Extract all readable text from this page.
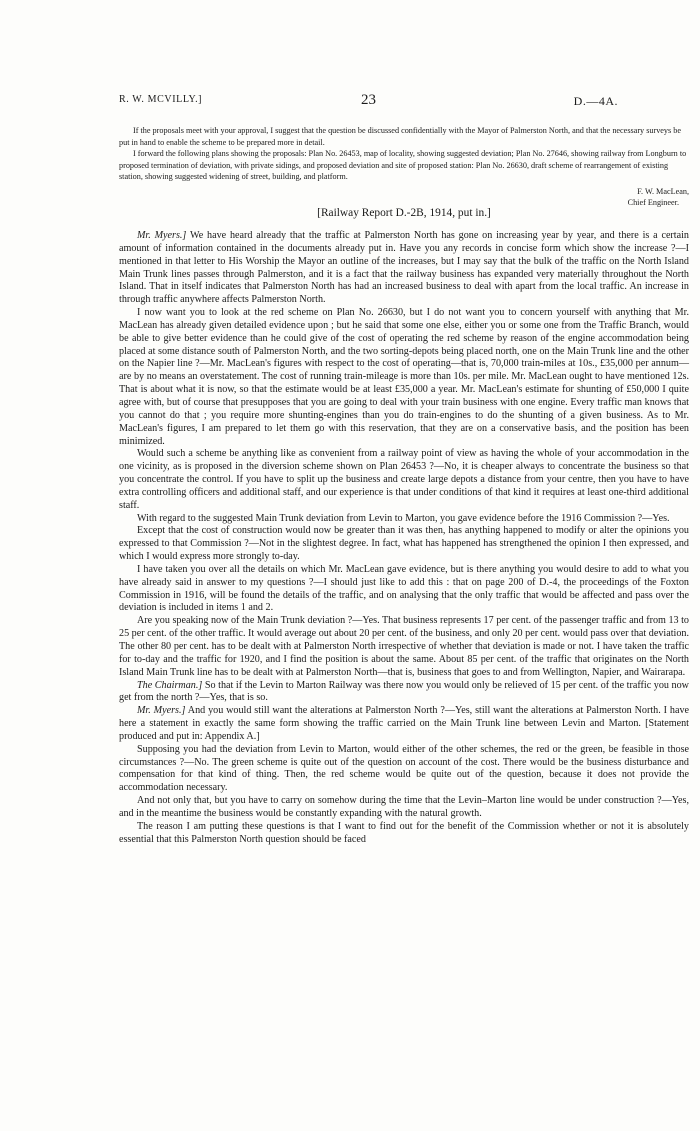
R. W. MCVILLY.]	23	D.—4A.

If the proposals meet with your approval, I suggest that the question be discussed confidentially with the Mayor of Palmerston North, and that the necessary surveys be put in hand to enable the scheme to be prepared more in detail.

I forward the following plans showing the proposals: Plan No. 26453, map of locality, showing suggested deviation; Plan No. 27646, showing railway from Longburn to proposed termination of deviation, with private sidings, and proposed deviation and site of proposed station: Plan No. 26630, draft scheme of rearrangement of existing station, showing suggested widening of street, building, and platform.

F. W. MacLean,
Chief Engineer.
[Railway Report D.-2B, 1914, put in.]

Mr. Myers.] We have heard already that the traffic at Palmerston North has gone on increasing year by year, and there is a certain amount of information contained in the documents already put in. Have you any records in concise form which show the increase ?—I mentioned in that letter to His Worship the Mayor an outline of the increases, but I may say that the bulk of the traffic on the North Island Main Trunk lines passes through Palmerston, and it is a fact that the railway business has expanded very materially throughout the North Island. That in itself indicates that Palmerston North has had an increased business to deal with apart from the local traffic. An increase in through traffic anywhere affects Palmerston North.

I now want you to look at the red scheme on Plan No. 26630, but I do not want you to concern yourself with anything that Mr. MacLean has already given detailed evidence upon ; but he said that some one else, either you or some one from the Traffic Branch, would be able to give better evidence than he could give of the cost of operating the red scheme by reason of the engine accommodation being placed at some distance south of Palmerston North, and the two sorting-depots being placed north, one on the Main Trunk line and the other on the Napier line ?—Mr. MacLean's figures with respect to the cost of operating—that is, 70,000 train-miles at 10s., £35,000 per annum—are by no means an overstatement. The cost of running train-mileage is more than 10s. per mile. Mr. MacLean ought to have mentioned 12s. That is about what it is now, so that the estimate would be at least £35,000 a year. Mr. MacLean's estimate for shunting of £50,000 I quite agree with, but of course that presupposes that you are going to deal with your train business with one engine. Every traffic man knows that you cannot do that ; you require more shunting-engines than you do train-engines to do the shunting of a given business. As to Mr. MacLean's figures, I am prepared to let them go with this reservation, that they are on a conservative basis, and the position has been minimized.

Would such a scheme be anything like as convenient from a railway point of view as having the whole of your accommodation in the one vicinity, as is proposed in the diversion scheme shown on Plan 26453 ?—No, it is cheaper always to concentrate the business so that you concentrate the control. If you have to split up the business and create large depots a distance from your centre, then you have to have extra controlling officers and additional staff, and our experience is that under conditions of that kind it requires at least one-third additional staff.

With regard to the suggested Main Trunk deviation from Levin to Marton, you gave evidence before the 1916 Commission ?—Yes.

Except that the cost of construction would now be greater than it was then, has anything happened to modify or alter the opinions you expressed to that Commission ?—Not in the slightest degree. In fact, what has happened has strengthened the opinion I then expressed, and which I would express more strongly to-day.

I have taken you over all the details on which Mr. MacLean gave evidence, but is there anything you would desire to add to what you have already said in answer to my questions ?—I should just like to add this : that on page 200 of D.-4, the proceedings of the Foxton Commission in 1916, will be found the details of the traffic, and on analysing that the only traffic that would be affected and pass over the deviation is included in items 1 and 2.

Are you speaking now of the Main Trunk deviation ?—Yes. That business represents 17 per cent. of the passenger traffic and from 13 to 25 per cent. of the other traffic. It would average out about 20 per cent. of the business, and only 20 per cent. would pass over that deviation. The other 80 per cent. has to be dealt with at Palmerston North irrespective of whether that deviation is made or not. I have taken the traffic for to-day and the traffic for 1920, and I find the position is about the same. About 85 per cent. of the traffic that originates on the North Island Main Trunk line has to be dealt with at Palmerston North—that is, business that goes to and from Wellington, Napier, and Wairarapa.

The Chairman.] So that if the Levin to Marton Railway was there now you would only be relieved of 15 per cent. of the traffic you now get from the north ?—Yes, that is so.

Mr. Myers.] And you would still want the alterations at Palmerston North ?—Yes, still want the alterations at Palmerston North. I have here a statement in exactly the same form showing the traffic carried on the Main Trunk line between Levin and Marton. [Statement produced and put in: Appendix A.]

Supposing you had the deviation from Levin to Marton, would either of the other schemes, the red or the green, be feasible in those circumstances ?—No. The green scheme is quite out of the question on account of the cost. There would be the business disturbance and compensation for that kind of thing. Then, the red scheme would be quite out of the question, because it does not provide the accommodation necessary.

And not only that, but you have to carry on somehow during the time that the Levin–Marton line would be under construction ?—Yes, and in the meantime the business would be constantly expanding with the natural growth.

The reason I am putting these questions is that I want to find out for the benefit of the Commission whether or not it is absolutely essential that this Palmerston North question should be faced
